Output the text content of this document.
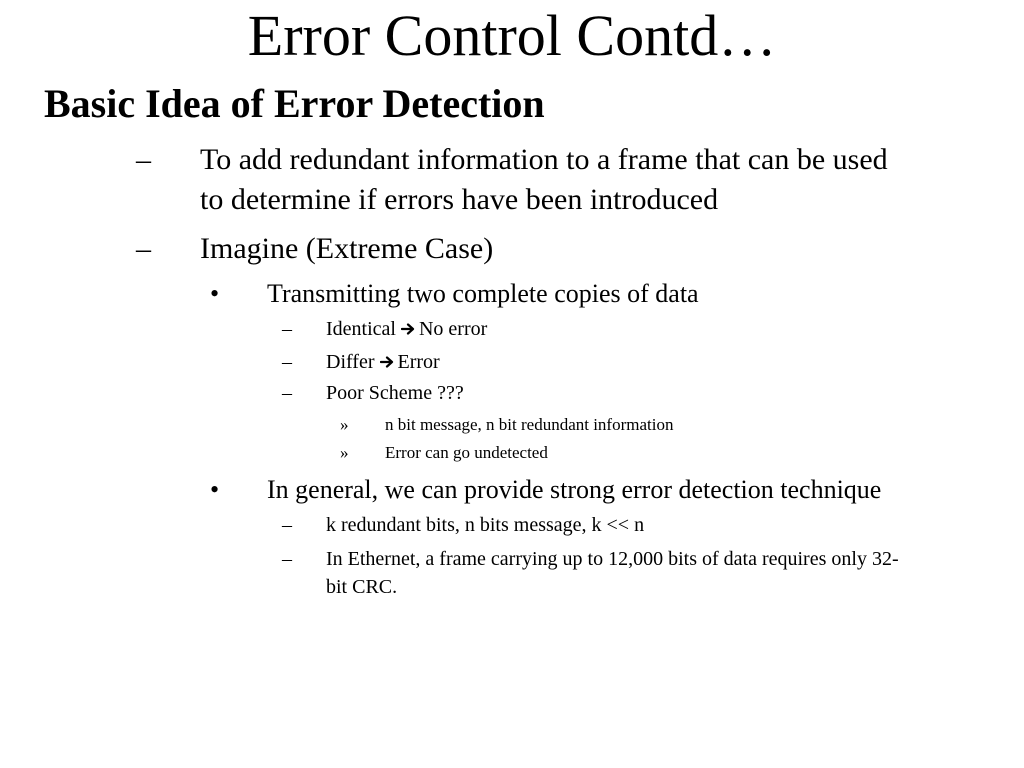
Error Control Contd…
Basic Idea of Error Detection
– To add redundant information to a frame that can be used
to determine if errors have been introduced
– Imagine (Extreme Case)
• Transmitting two complete copies of data
– Identical No error
– Differ Error
– Poor Scheme ???
» n bit message, n bit redundant information
» Error can go undetected
• In general, we can provide strong error detection technique
– k redundant bits, n bits message, k << n
– In Ethernet, a frame carrying up to 12,000 bits of data requires only 32-
bit CRC.
